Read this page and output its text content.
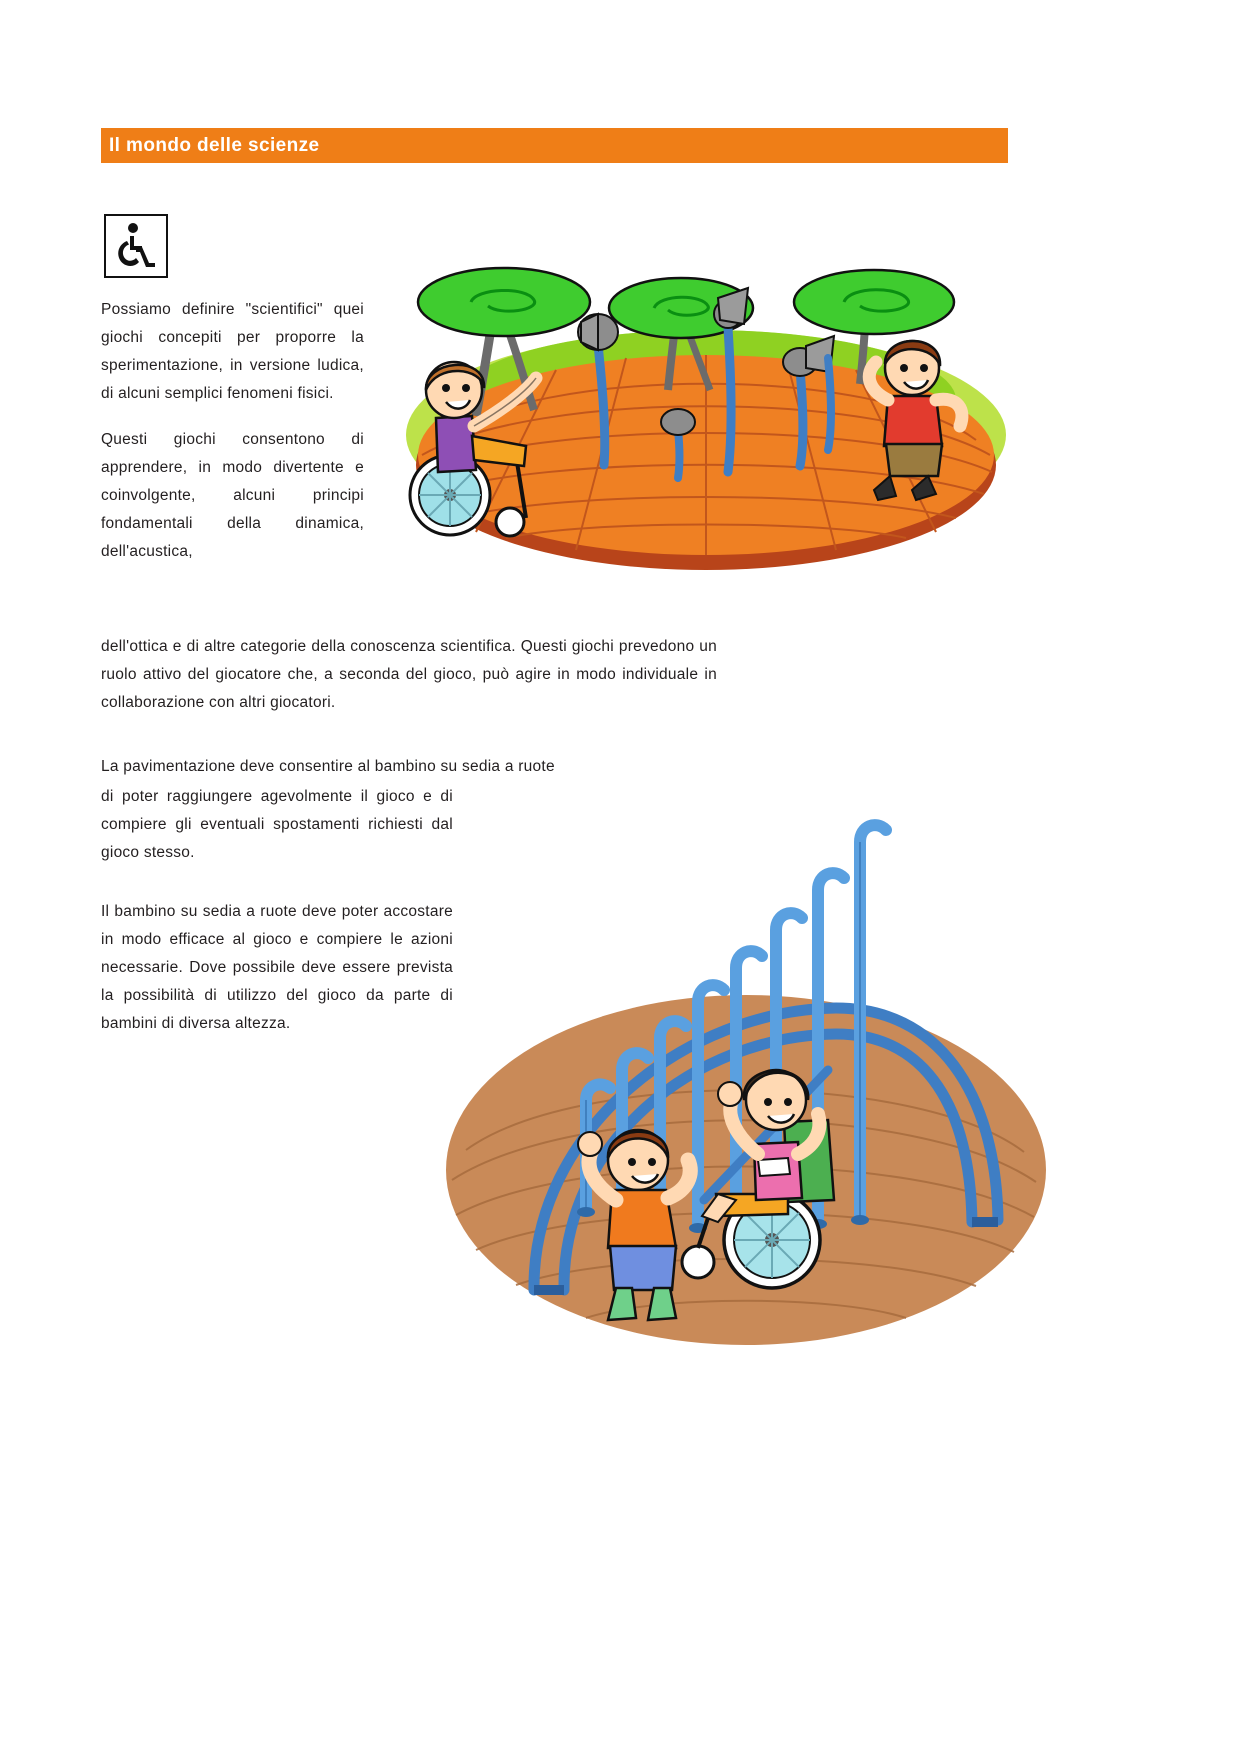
Il mondo delle scienze

Possiamo definire "scientifici" quei giochi concepiti per proporre la sperimentazione, in versione ludica, di alcuni semplici fenomeni fisici.

Questi giochi consentono di apprendere, in modo divertente e coinvolgente, alcuni principi fondamentali della dinamica, dell'acustica,

dell'ottica e di altre categorie della conoscenza scientifica. Questi giochi prevedono un ruolo attivo del giocatore che, a seconda del gioco, può agire in modo individuale in collaborazione con altri giocatori.

La pavimentazione deve consentire al bambino su sedia a ruote

di poter raggiungere agevolmente il gioco e di compiere gli eventuali spostamenti richiesti dal gioco stesso.

Il bambino su sedia a ruote deve poter accostare in modo efficace al gioco e compiere le azioni necessarie. Dove possibile deve essere prevista la possibilità di utilizzo del gioco da parte di bambini di diversa altezza.
